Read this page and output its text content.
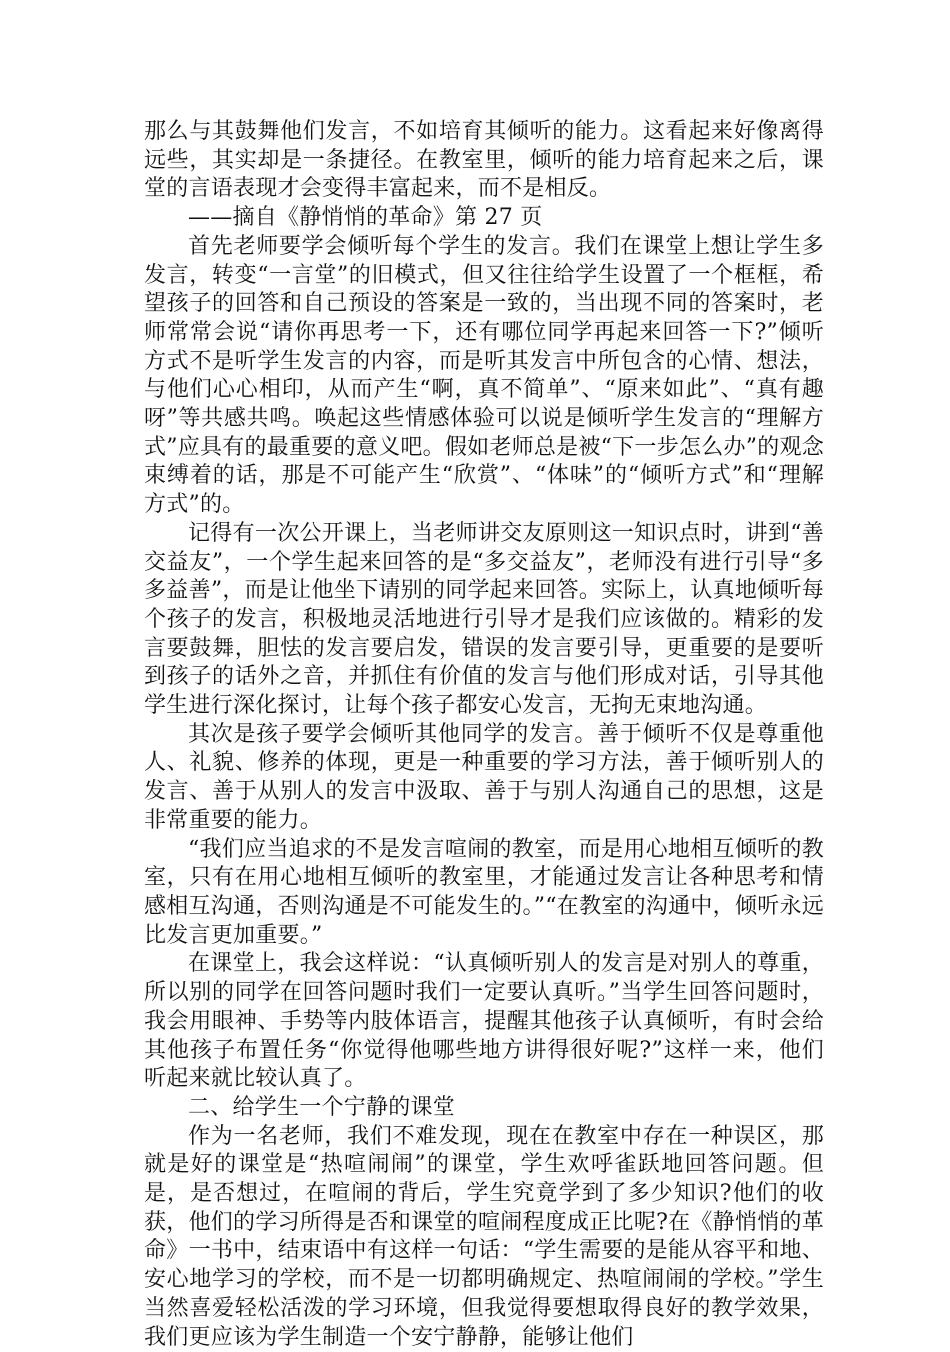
那么与其鼓舞他们发言，不如培育其倾听的能力。这看起来好像离得远些，其实却是一条捷径。在教室里，倾听的能力培育起来之后，课堂的言语表现才会变得丰富起来，而不是相反。

——摘自《静悄悄的革命》第 27 页

首先老师要学会倾听每个学生的发言。我们在课堂上想让学生多发言，转变“一言堂”的旧模式，但又往往给学生设置了一个框框，希望孩子的回答和自己预设的答案是一致的，当出现不同的答案时，老师常常会说“请你再思考一下，还有哪位同学再起来回答一下?”倾听方式不是听学生发言的内容，而是听其发言中所包含的心情、想法，与他们心心相印，从而产生“啊，真不简单”、“原来如此”、“真有趣呀”等共感共鸣。唤起这些情感体验可以说是倾听学生发言的“理解方式”应具有的最重要的意义吧。假如老师总是被“下一步怎么办”的观念束缚着的话，那是不可能产生“欣赏”、“体味”的“倾听方式”和“理解方式”的。

记得有一次公开课上，当老师讲交友原则这一知识点时，讲到“善交益友”，一个学生起来回答的是“多交益友”，老师没有进行引导“多多益善”，而是让他坐下请别的同学起来回答。实际上，认真地倾听每个孩子的发言，积极地灵活地进行引导才是我们应该做的。精彩的发言要鼓舞，胆怯的发言要启发，错误的发言要引导，更重要的是要听到孩子的话外之音，并抓住有价值的发言与他们形成对话，引导其他学生进行深化探讨，让每个孩子都安心发言，无拘无束地沟通。

其次是孩子要学会倾听其他同学的发言。善于倾听不仅是尊重他人、礼貌、修养的体现，更是一种重要的学习方法，善于倾听别人的发言、善于从别人的发言中汲取、善于与别人沟通自己的思想，这是非常重要的能力。

“我们应当追求的不是发言喧闹的教室，而是用心地相互倾听的教室，只有在用心地相互倾听的教室里，才能通过发言让各种思考和情感相互沟通，否则沟通是不可能发生的。”“在教室的沟通中，倾听永远比发言更加重要。”

在课堂上，我会这样说：“认真倾听别人的发言是对别人的尊重，所以别的同学在回答问题时我们一定要认真听。”当学生回答问题时，我会用眼神、手势等内肢体语言，提醒其他孩子认真倾听，有时会给其他孩子布置任务“你觉得他哪些地方讲得很好呢?”这样一来，他们听起来就比较认真了。

二、给学生一个宁静的课堂

作为一名老师，我们不难发现，现在在教室中存在一种误区，那就是好的课堂是“热喧闹闹”的课堂，学生欢呼雀跃地回答问题。但是，是否想过，在喧闹的背后，学生究竟学到了多少知识?他们的收获，他们的学习所得是否和课堂的喧闹程度成正比呢?在《静悄悄的革命》一书中，结束语中有这样一句话：“学生需要的是能从容平和地、安心地学习的学校，而不是一切都明确规定、热喧闹闹的学校。”学生当然喜爱轻松活泼的学习环境，但我觉得要想取得良好的教学效果，我们更应该为学生制造一个安宁静静，能够让他们
